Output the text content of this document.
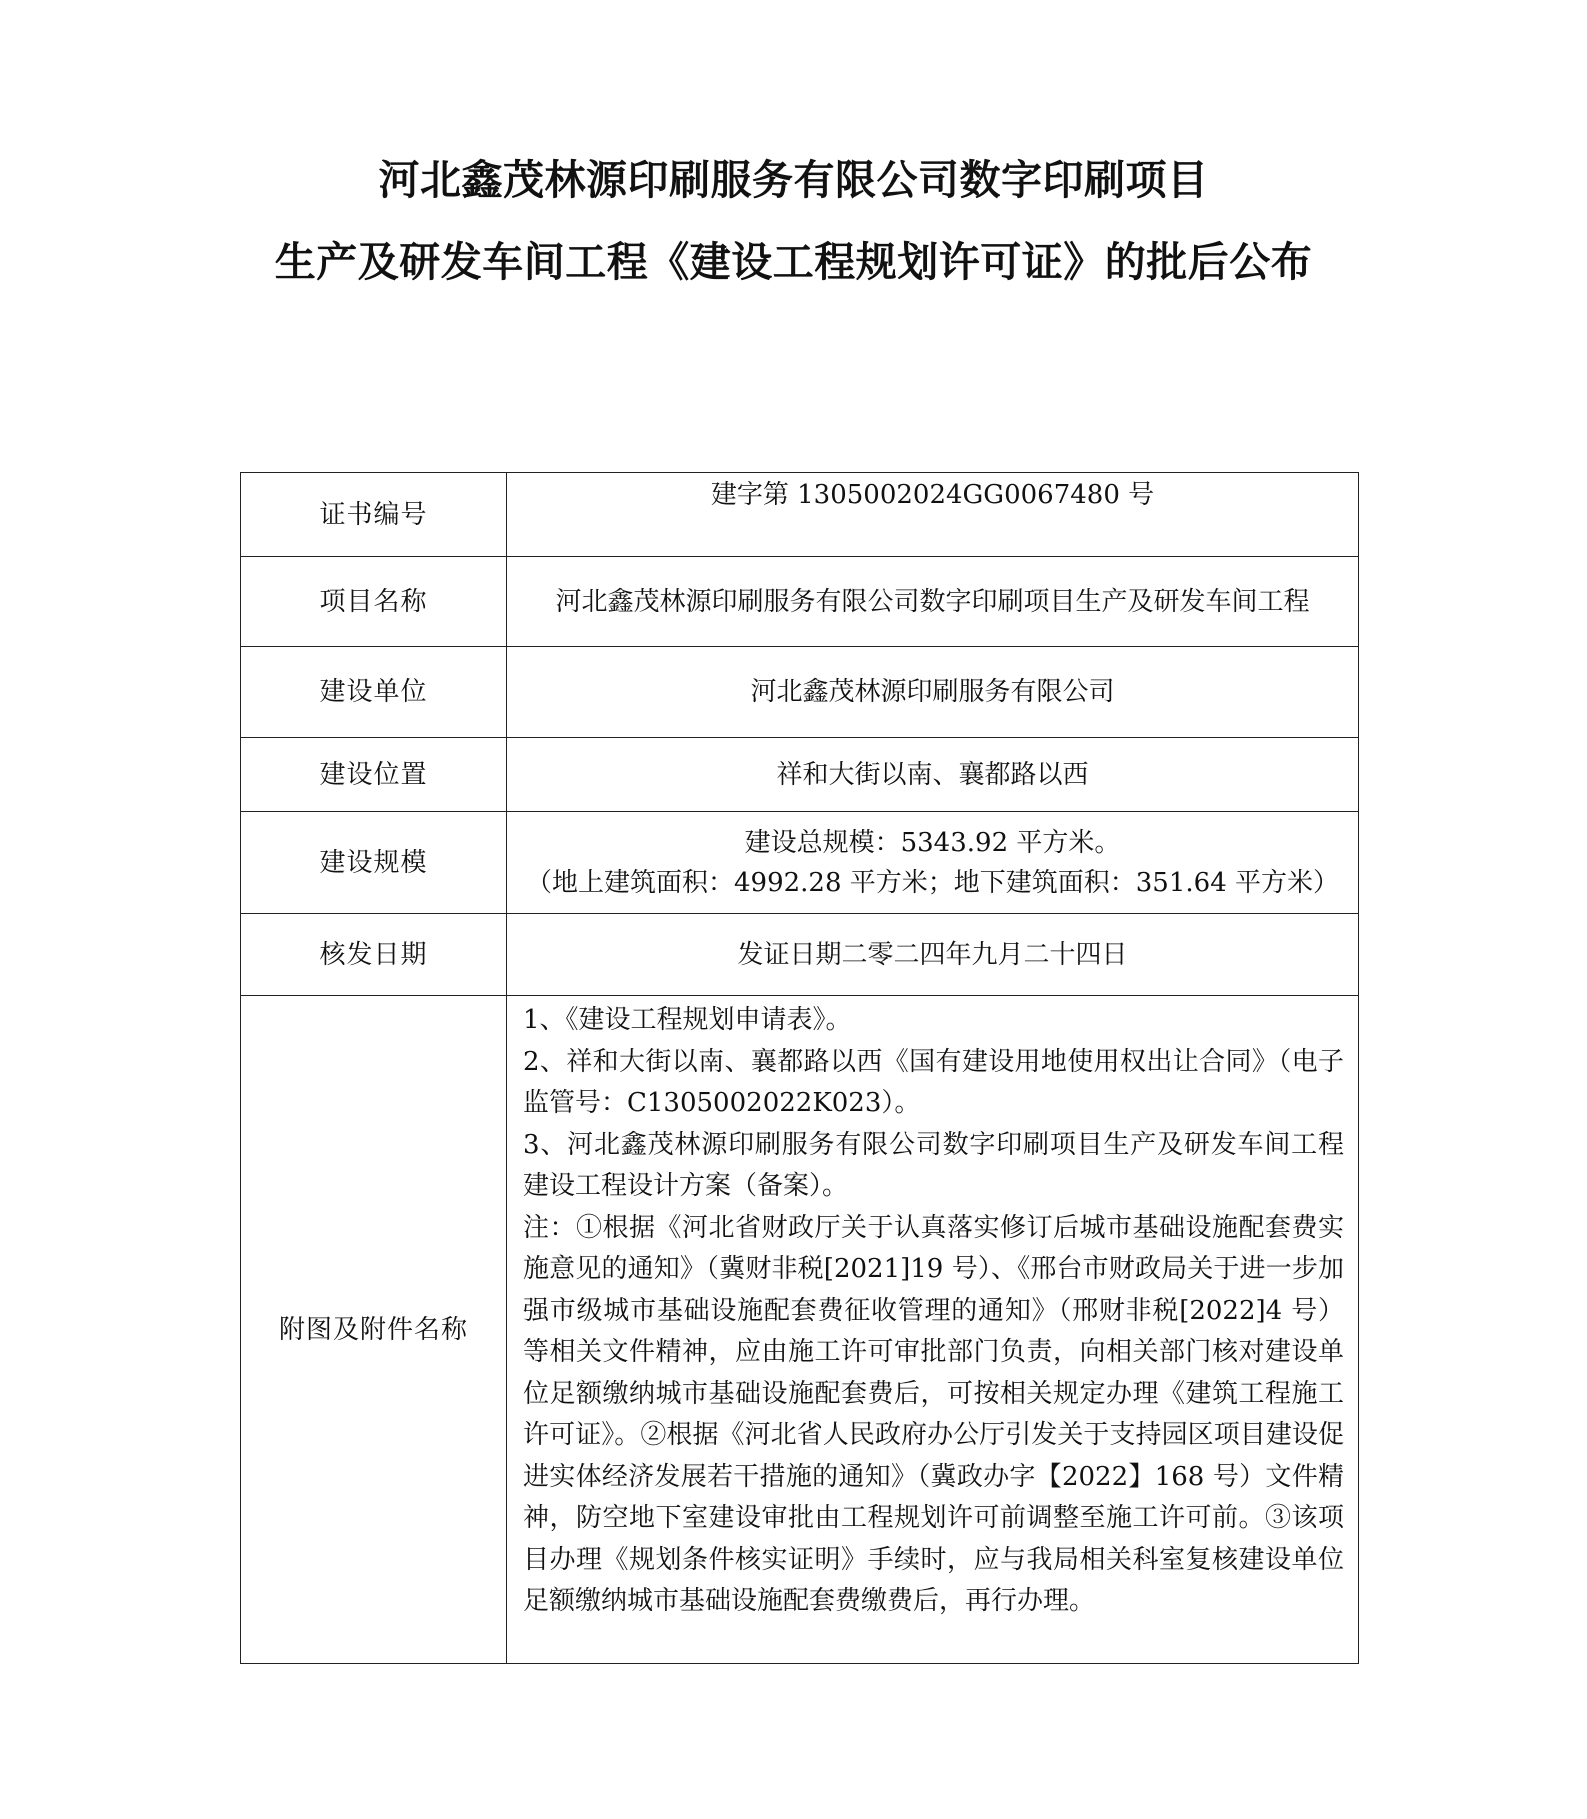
河北鑫茂林源印刷服务有限公司数字印刷项目
生产及研发车间工程《建设工程规划许可证》的批后公布
证书编号	建字第 1305002024GG0067480 号
项目名称	河北鑫茂林源印刷服务有限公司数字印刷项目生产及研发车间工程
建设单位	河北鑫茂林源印刷服务有限公司
建设位置	祥和大街以南、襄都路以西
建设规模	建设总规模：5343.92 平方米。
（地上建筑面积：4992.28 平方米；地下建筑面积：351.64 平方米）

核发日期	发证日期二零二四年九月二十四日
附图及附件名称	1、《建设工程规划申请表》。

2、祥和大街以南、襄都路以西《国有建设用地使用权出让合同》（电子监管号：C1305002022K023）。

3、河北鑫茂林源印刷服务有限公司数字印刷项目生产及研发车间工程建设工程设计方案（备案）。

注：①根据《河北省财政厅关于认真落实修订后城市基础设施配套费实施意见的通知》（冀财非税[2021]19 号）、《邢台市财政局关于进一步加强市级城市基础设施配套费征收管理的通知》（邢财非税[2022]4 号）等相关文件精神，应由施工许可审批部门负责，向相关部门核对建设单位足额缴纳城市基础设施配套费后，可按相关规定办理《建筑工程施工许可证》。②根据《河北省人民政府办公厅引发关于支持园区项目建设促进实体经济发展若干措施的通知》（冀政办字【2022】168 号）文件精神，防空地下室建设审批由工程规划许可前调整至施工许可前。③该项目办理《规划条件核实证明》手续时，应与我局相关科室复核建设单位足额缴纳城市基础设施配套费缴费后，再行办理。
